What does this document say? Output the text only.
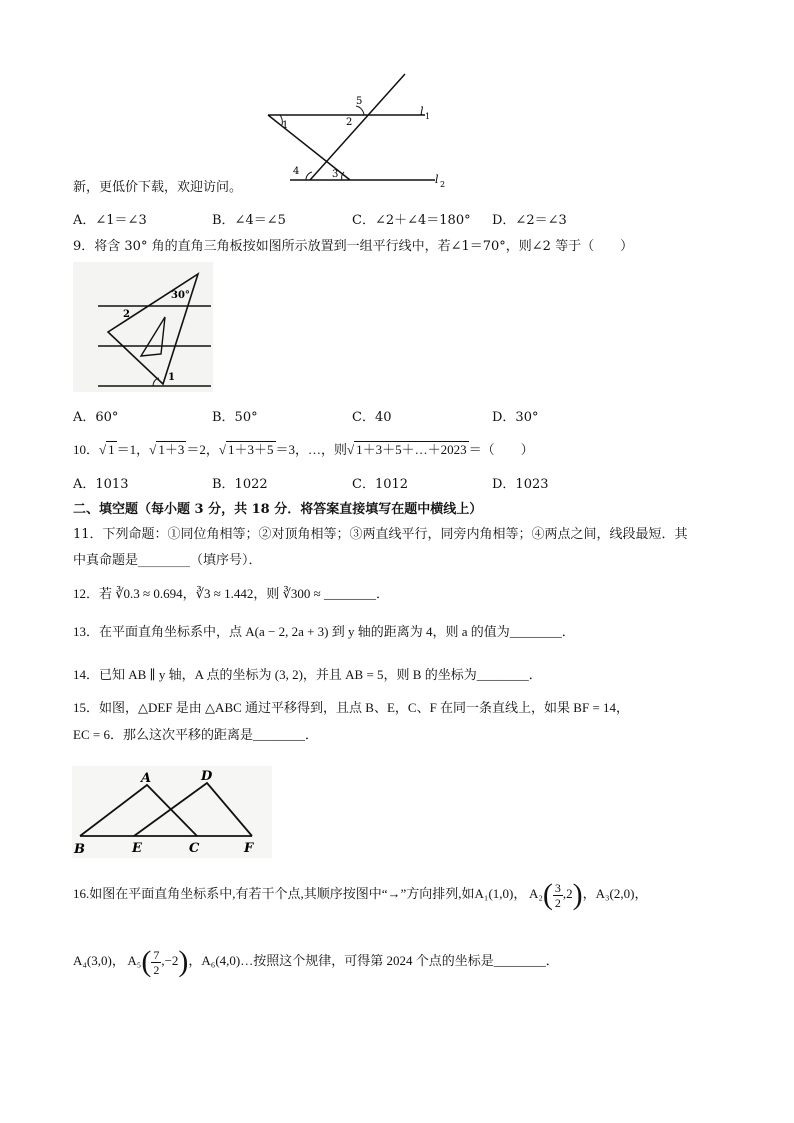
1	2
3
4
5
l 1
l 2
新，更低价下载，欢迎访问。
A．∠1＝∠3	B．∠4＝∠5	C．∠2＋∠4＝180° D．∠2＝∠3
9．将含 30° 角的直角三角板按如图所示放置到一组平行线中，若∠1＝70°，则∠2 等于（　　）
30°
2
1
A．60°	B．50°	C．40	D．30°
10．√ 1 ＝1，√ 1＋3 ＝2，√ 1＋3＋5 ＝3，…，则√ 1＋3＋5＋…＋2023 ＝（　　）
A．1013	B．1022	C．1012	D．1023
二、填空题（每小题 3 分，共 18 分．将答案直接填写在题中横线上）
11．下列命题：①同位角相等；②对顶角相等；③两直线平行，同旁内角相等；④两点之间，线段最短．其
中真命题是________（填序号）．
12．若 ∛0.3 ≈ 0.694，∛3 ≈ 1.442，则 ∛300 ≈ ________．
13．在平面直角坐标系中，点 A(a − 2, 2a + 3) 到 y 轴的距离为 4，则 a 的值为________．
14．已知 AB ∥ y 轴，A 点的坐标为 (3, 2)，并且 AB = 5，则 B 的坐标为________．
15．如图，△DEF 是由 △ABC 通过平移得到，且点 B、E，C、F 在同一条直线上，如果 BF = 14，
EC = 6．那么这次平移的距离是________．
A	D
B	E	C	F
16.如图在平面直角坐标系中,有若干个点,其顺序按图中“→”方向排列,如A₁(1,0)， $A_2( \frac{3}{2} ,2)$，A₃(2,0)，
A₄(3,0)， $A_5( \frac{7}{2} ,-2)$，A₆(4,0)…按照这个规律，可得第 2024 个点的坐标是________．
